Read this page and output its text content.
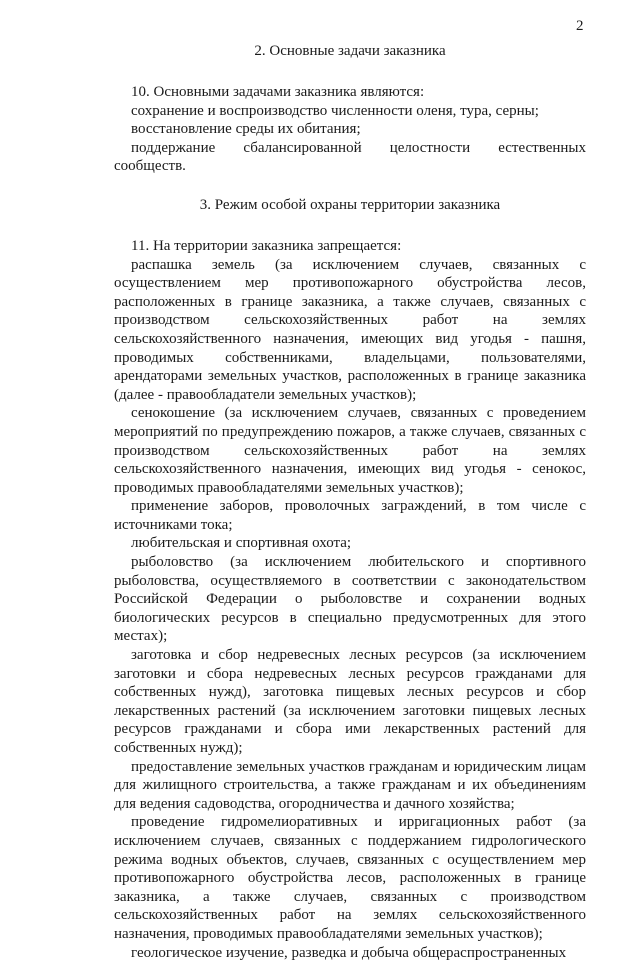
2
2. Основные задачи заказника

10. Основными задачами заказника являются:

сохранение и воспроизводство численности оленя, тура, серны;

восстановление среды их обитания;

поддержание сбалансированной целостности естественных сообществ.

3. Режим особой охраны территории заказника

11. На территории заказника запрещается:

распашка земель (за исключением случаев, связанных с осуществлением мер противопожарного обустройства лесов, расположенных в границе заказника, а также случаев, связанных с производством сельскохозяйственных работ на землях сельскохозяйственного назначения, имеющих вид угодья - пашня, проводимых собственниками, владельцами, пользователями, арендаторами земельных участков, расположенных в границе заказника (далее - правообладатели земельных участков);

сенокошение (за исключением случаев, связанных с проведением мероприятий по предупреждению пожаров, а также случаев, связанных с производством сельскохозяйственных работ на землях сельскохозяйственного назначения, имеющих вид угодья - сенокос, проводимых правообладателями земельных участков);

применение заборов, проволочных заграждений, в том числе с источниками тока;

любительская и спортивная охота;

рыболовство (за исключением любительского и спортивного рыболовства, осуществляемого в соответствии с законодательством Российской Федерации о рыболовстве и сохранении водных биологических ресурсов в специально предусмотренных для этого местах);

заготовка и сбор недревесных лесных ресурсов (за исключением заготовки и сбора недревесных лесных ресурсов гражданами для собственных нужд), заготовка пищевых лесных ресурсов и сбор лекарственных растений (за исключением заготовки пищевых лесных ресурсов гражданами и сбора ими лекарственных растений для собственных нужд);

предоставление земельных участков гражданам и юридическим лицам для жилищного строительства, а также гражданам и их объединениям для ведения садоводства, огородничества и дачного хозяйства;

проведение гидромелиоративных и ирригационных работ (за исключением случаев, связанных с поддержанием гидрологического режима водных объектов, случаев, связанных с осуществлением мер противопожарного обустройства лесов, расположенных в границе заказника, а также случаев, связанных с производством сельскохозяйственных работ на землях сельскохозяйственного назначения, проводимых правообладателями земельных участков);

геологическое изучение, разведка и добыча общераспространенных
